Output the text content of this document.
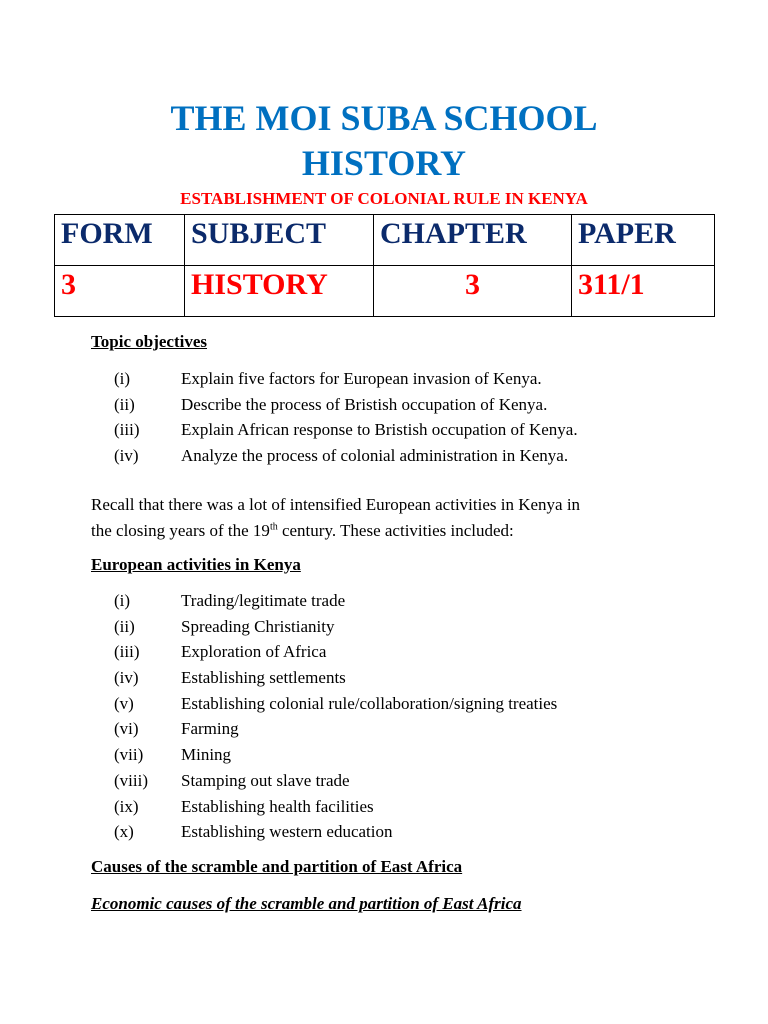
THE MOI SUBA SCHOOL
HISTORY
ESTABLISHMENT OF COLONIAL RULE IN KENYA
FORM	SUBJECT	CHAPTER	PAPER
3	HISTORY	3	311/1
Topic objectives
(i)	Explain five factors for European invasion of Kenya.
(ii)	Describe the process of Bristish occupation of Kenya.
(iii)	Explain African response to Bristish occupation of Kenya.
(iv)	Analyze the process of colonial administration in Kenya.
Recall that there was a lot of intensified European activities in Kenya in
the closing years of the 19th century. These activities included:
European activities in Kenya
(i)	Trading/legitimate trade
(ii)	Spreading Christianity
(iii)	Exploration of Africa
(iv)	Establishing settlements
(v)	Establishing colonial rule/collaboration/signing treaties
(vi)	Farming
(vii)	Mining
(viii)	Stamping out slave trade
(ix)	Establishing health facilities
(x)	Establishing western education
Causes of the scramble and partition of East Africa
Economic causes of the scramble and partition of East Africa
